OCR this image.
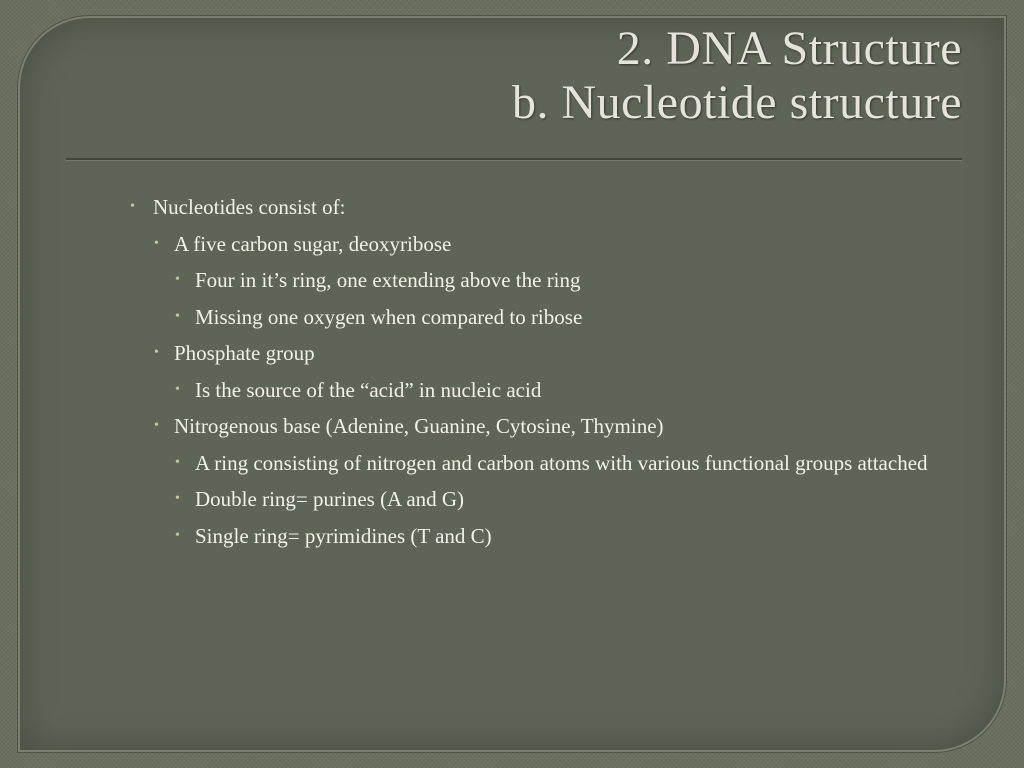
2. DNA Structure
b. Nucleotide structure
• Nucleotides consist of:
• A five carbon sugar, deoxyribose
• Four in it’s ring, one extending above the ring
• Missing one oxygen when compared to ribose
• Phosphate group
• Is the source of the “acid” in nucleic acid
• Nitrogenous base (Adenine, Guanine, Cytosine, Thymine)
• A ring consisting of nitrogen and carbon atoms with various functional groups attached
• Double ring= purines (A and G)
• Single ring= pyrimidines (T and C)
